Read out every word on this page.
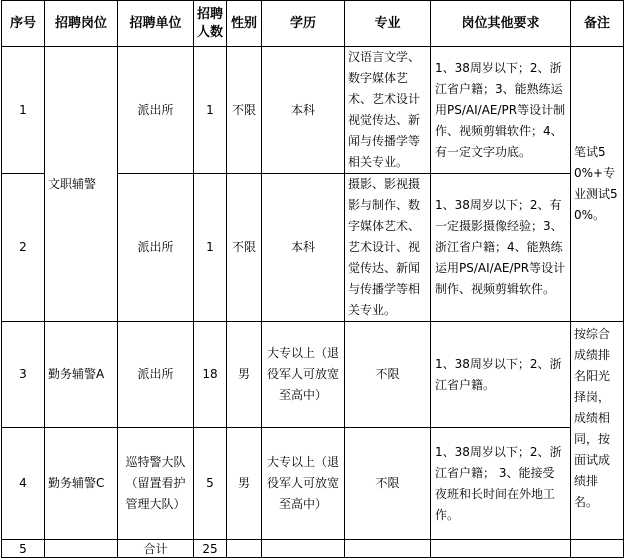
序号	招聘岗位	招聘单位	招聘人数	性别	学历	专业	岗位其他要求	备注
1	文职辅警	派出所	1	不限	本科	汉语言文学、数字媒体艺术、艺术设计视觉传达、新闻与传播学等相关专业。	1、38周岁以下；2、浙江省户籍；3、能熟练运用PS/AI/AE/PR等设计制作、视频剪辑软件；4、有一定文字功底。	笔试50%+专业测试50%。
2		派出所	1	不限	本科	摄影、影视摄影与制作、数字媒体艺术、艺术设计、视觉传达、新闻与传播学等相关专业。	1、38周岁以下；2、有一定摄影摄像经验；3、浙江省户籍；4、能熟练运用PS/AI/AE/PR等设计制作、视频剪辑软件。	
3	勤务辅警A	派出所	18	男	大专以上（退役军人可放宽至高中）	不限	1、38周岁以下；2、浙江省户籍。	按综合成绩排名阳光择岗，成绩相同，按面试成绩排名。
4	勤务辅警C	巡特警大队（留置看护管理大队）	5	男	大专以上（退役军人可放宽至高中）	不限	1、38周岁以下；2、浙江省户籍； 3、能接受夜班和长时间在外地工作。	
5		合计	25					
